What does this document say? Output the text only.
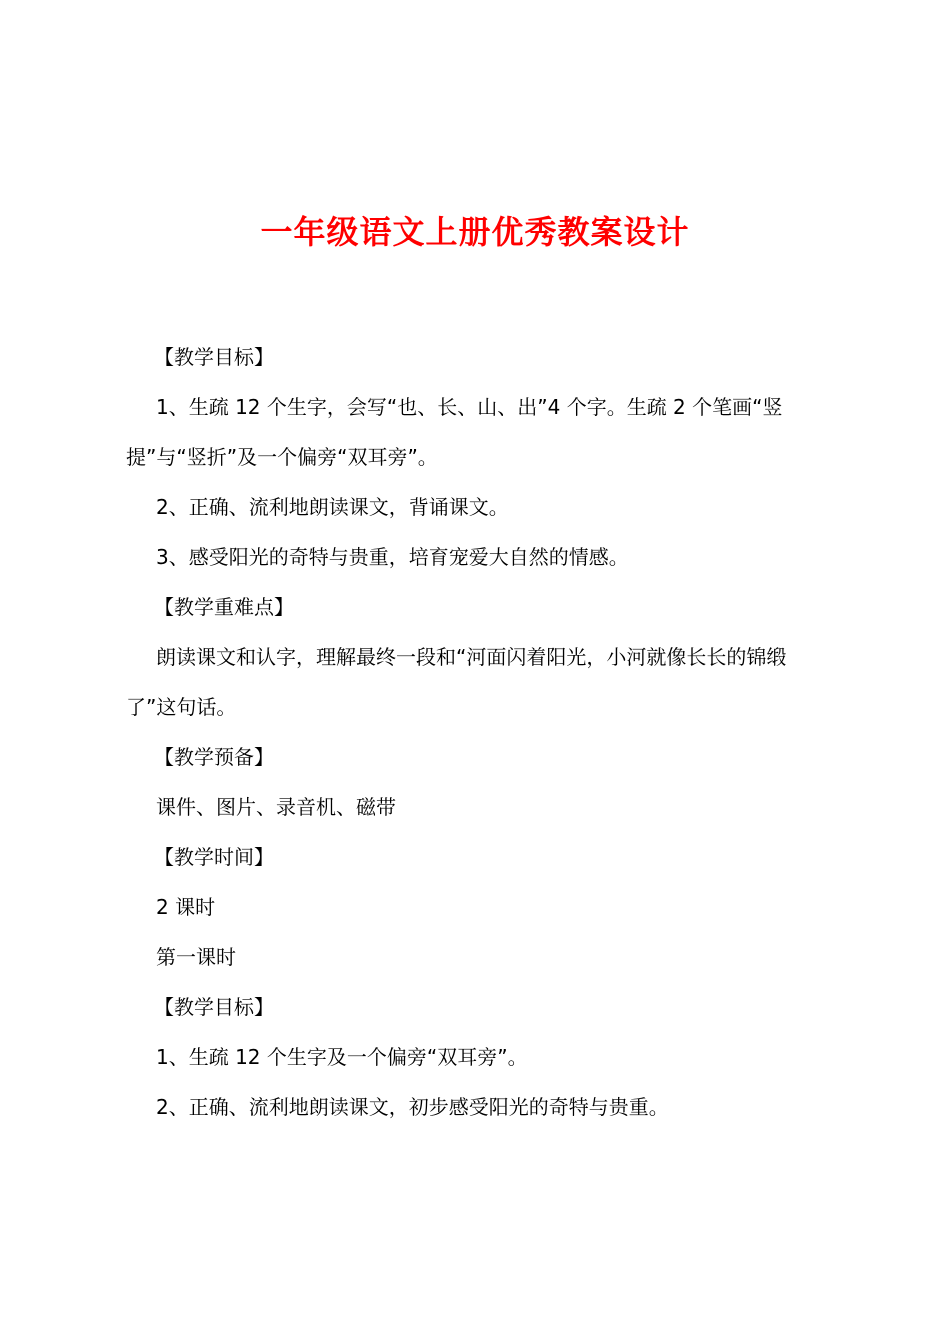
一年级语文上册优秀教案设计

【教学目标】

1、生疏 12 个生字，会写“也、长、山、出”4 个字。生疏 2 个笔画“竖提”与“竖折”及一个偏旁“双耳旁”。

2、正确、流利地朗读课文，背诵课文。

3、感受阳光的奇特与贵重，培育宠爱大自然的情感。

【教学重难点】

朗读课文和认字，理解最终一段和“河面闪着阳光，小河就像长长的锦缎了”这句话。

【教学预备】

课件、图片、录音机、磁带

【教学时间】

2 课时

第一课时

【教学目标】

1、生疏 12 个生字及一个偏旁“双耳旁”。

2、正确、流利地朗读课文，初步感受阳光的奇特与贵重。
